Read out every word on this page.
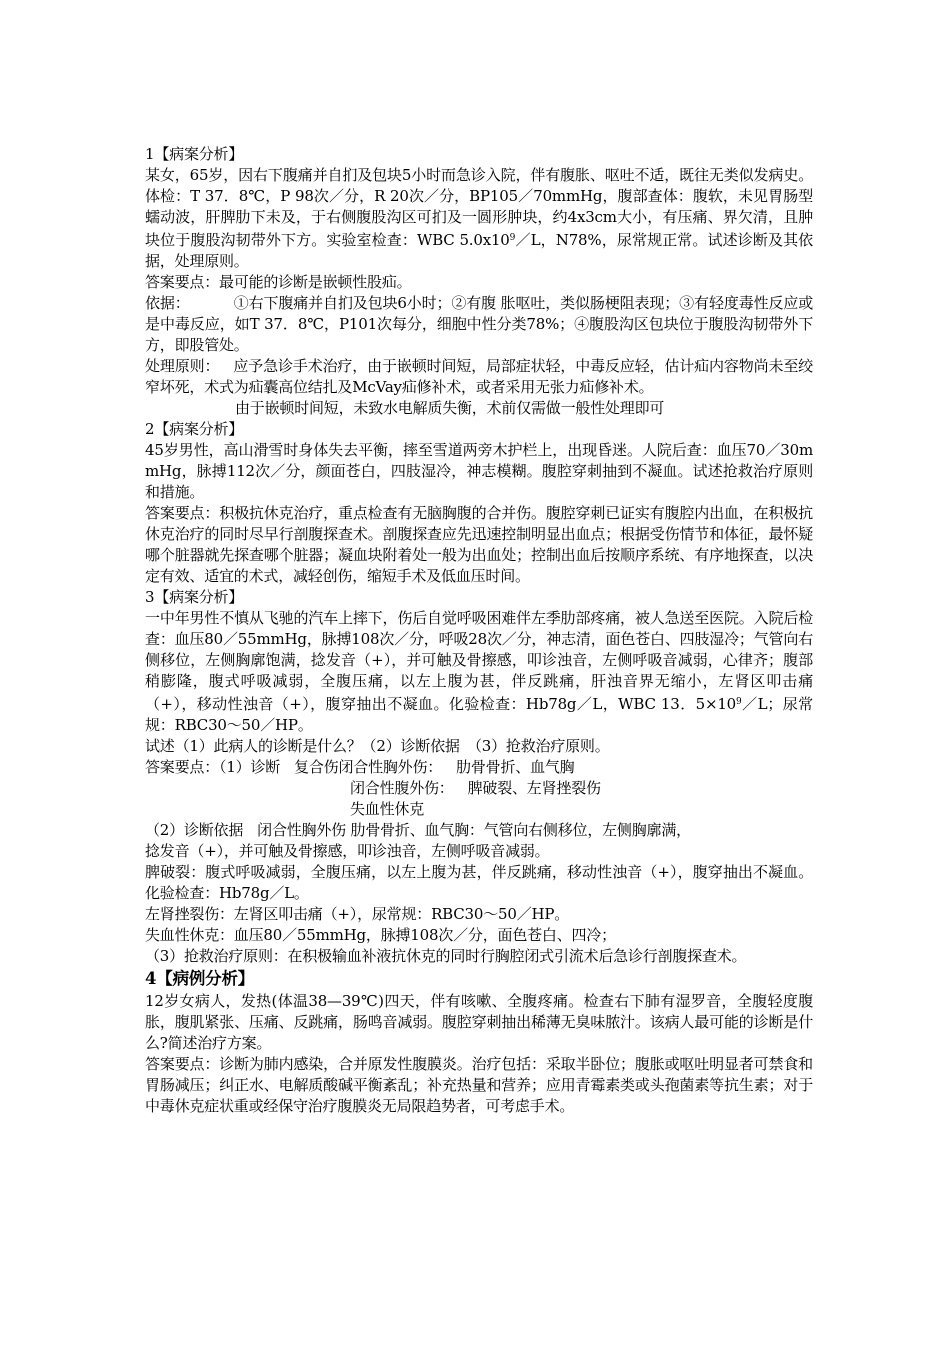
1【病案分析】
某女，65岁，因右下腹痛并自扪及包块5小时而急诊入院，伴有腹胀、呕吐不适，既往无类似发病史。体检：T 37．8℃，P 98次／分，R 20次／分，BP105／70mmHg，腹部查体：腹软，未见胃肠型蠕动波，肝脾肋下未及，于右侧腹股沟区可扪及一圆形肿块，约4x3cm大小，有压痛、界欠清，且肿块位于腹股沟韧带外下方。实验室检查：WBC $5.0x10^9/L$，N78%，尿常规正常。试述诊断及其依据，处理原则。
答案要点：最可能的诊断是嵌顿性股疝。
依据：	①右下腹痛并自扪及包块6小时；②有腹 胀呕吐，类似肠梗阻表现；③有轻度毒性反应或是中毒反应，如T 37．8℃，P101次每分，细胞中性分类78%；④腹股沟区包块位于腹股沟韧带外下方，即股管处。
处理原则： 应予急诊手术治疗，由于嵌顿时间短，局部症状轻，中毒反应轻，估计疝内容物尚未至绞窄坏死，术式为疝囊高位结扎及McVay疝修补术，或者采用无张力疝修补术。
由于嵌顿时间短，未致水电解质失衡，术前仅需做一般性处理即可
2【病案分析】
45岁男性，高山滑雪时身体失去平衡，摔至雪道两旁木护栏上，出现昏迷。人院后查：血压70／30mmHg，脉搏112次／分，颜面苍白，四肢湿冷，神志模糊。腹腔穿刺抽到不凝血。试述抢救治疗原则和措施。
答案要点：积极抗休克治疗，重点检查有无脑胸腹的合并伤。腹腔穿刺已证实有腹腔内出血，在积极抗休克治疗的同时尽早行剖腹探查术。剖腹探查应先迅速控制明显出血点；根据受伤情节和体征，最怀疑哪个脏器就先探查哪个脏器；凝血块附着处一般为出血处；控制出血后按顺序系统、有序地探查，以决定有效、适宜的术式，减轻创伤，缩短手术及低血压时间。
3【病案分析】
一中年男性不慎从飞驰的汽车上摔下，伤后自觉呼吸困难伴左季肋部疼痛，被人急送至医院。入院后检查：血压80／55mmHg，脉搏108次／分，呼吸28次／分，神志清，面色苍白、四肢湿冷；气管向右侧移位，左侧胸廓饱满，捻发音（+），并可触及骨擦感，叩诊浊音，左侧呼吸音减弱，心律齐；腹部稍膨隆，腹式呼吸减弱，全腹压痛，以左上腹为甚，伴反跳痛，肝浊音界无缩小，左肾区叩击痛（+），移动性浊音（+），腹穿抽出不凝血。化验检查：Hb78g／L，WBC 13．$5\times 10^9/L$；尿常规：RBC30～50／HP。
试述（1）此病人的诊断是什么？（2）诊断依据　（3）抢救治疗原则。
答案要点：（1）诊断 复合伤闭合性胸外伤： 肋骨骨折、血气胸
闭合性腹外伤： 脾破裂、左肾挫裂伤
失血性休克
（2）诊断依据 闭合性胸外伤 肋骨骨折、血气胸：气管向右侧移位，左侧胸廓满，
捻发音（+），并可触及骨擦感，叩诊浊音，左侧呼吸音减弱。
脾破裂：腹式呼吸减弱，全腹压痛，以左上腹为甚，伴反跳痛，移动性浊音（+），腹穿抽出不凝血。化验检查：Hb78g／L。
左肾挫裂伤：左肾区叩击痛（+），尿常规：RBC30～50／HP。
失血性休克：血压80／55mmHg，脉搏108次／分，面色苍白、四冷；
（3）抢救治疗原则：在积极输血补液抗休克的同时行胸腔闭式引流术后急诊行剖腹探查术。
4【病例分析】
12岁女病人，发热(体温38—39℃)四天，伴有咳嗽、全腹疼痛。检查右下肺有湿罗音，全腹轻度腹胀，腹肌紧张、压痛、反跳痛，肠鸣音减弱。腹腔穿刺抽出稀薄无臭味脓汁。该病人最可能的诊断是什么?简述治疗方案。
答案要点：诊断为肺内感染，合并原发性腹膜炎。治疗包括：采取半卧位；腹胀或呕吐明显者可禁食和胃肠减压；纠正水、电解质酸碱平衡紊乱；补充热量和营养；应用青霉素类或头孢菌素等抗生素；对于中毒休克症状重或经保守治疗腹膜炎无局限趋势者，可考虑手术。
